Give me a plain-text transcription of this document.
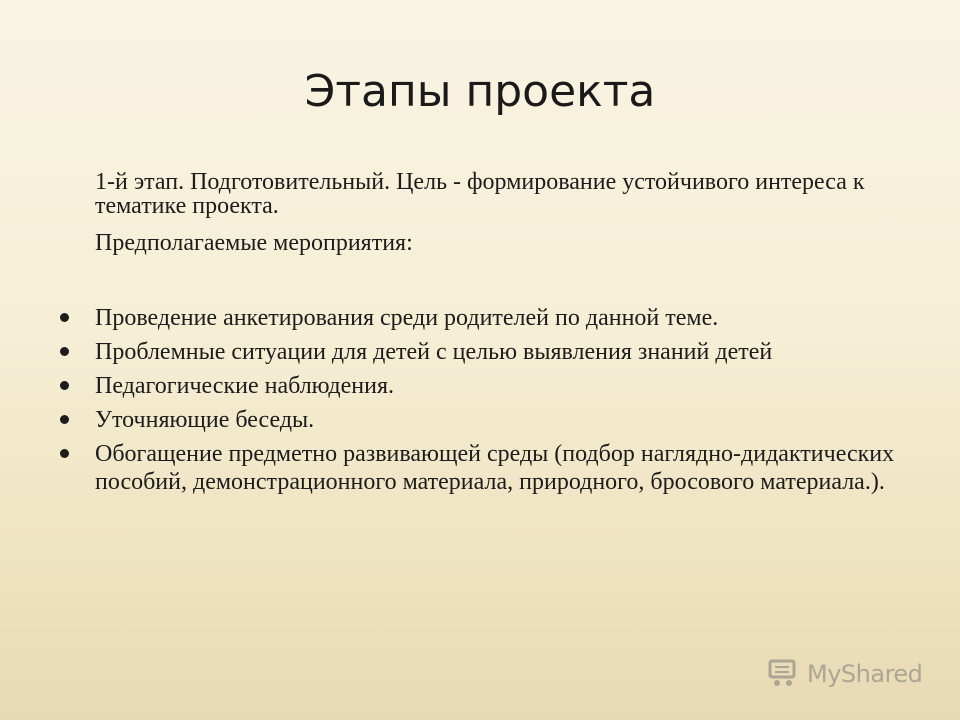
Этапы проекта

1-й этап. Подготовительный. Цель - формирование устойчивого интереса к тематике проекта.

Предполагаемые мероприятия:

Проведение анкетирования среди родителей по данной теме.
Проблемные ситуации для детей с целью выявления знаний детей
Педагогические наблюдения.
Уточняющие беседы.
Обогащение предметно развивающей среды (подбор наглядно-дидактических пособий, демонстрационного материала, природного, бросового материала.).
MyShared
